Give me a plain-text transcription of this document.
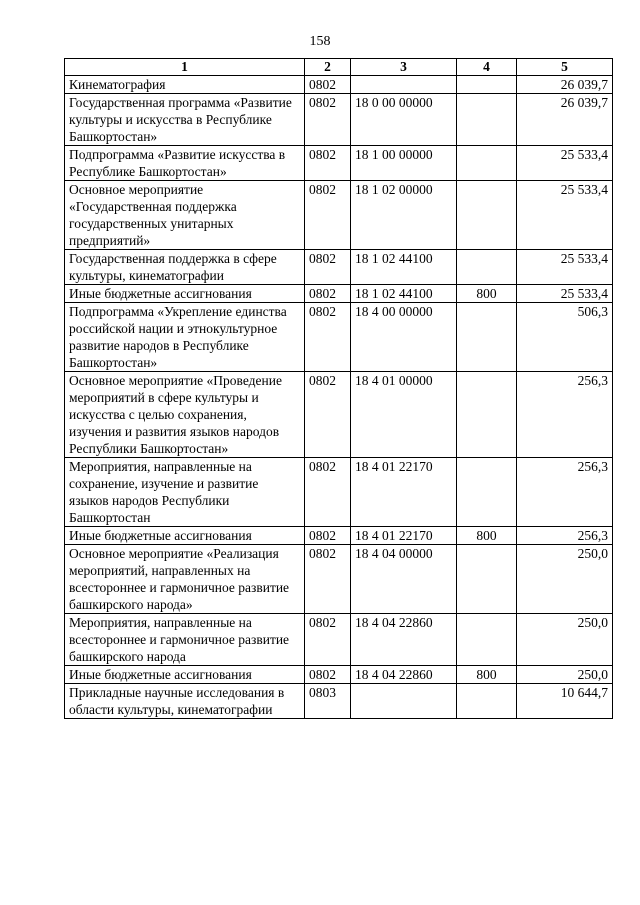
158
1	2	3	4	5
Кинематография	0802			26 039,7
Государственная программа «Развитие культуры и искусства в Республике Башкортостан»	0802	18 0 00 00000		26 039,7
Подпрограмма «Развитие искусства в Республике Башкортостан»	0802	18 1 00 00000		25 533,4
Основное мероприятие «Государственная поддержка государственных унитарных предприятий»	0802	18 1 02 00000		25 533,4
Государственная поддержка в сфере культуры, кинематографии	0802	18 1 02 44100		25 533,4
Иные бюджетные ассигнования	0802	18 1 02 44100	800	25 533,4
Подпрограмма «Укрепление единства российской нации и этнокультурное развитие народов в Республике Башкортостан»	0802	18 4 00 00000		506,3
Основное мероприятие «Проведение мероприятий в сфере культуры и искусства с целью сохранения, изучения и развития языков народов Республики Башкортостан»	0802	18 4 01 00000		256,3
Мероприятия, направленные на сохранение, изучение и развитие языков народов Республики Башкортостан	0802	18 4 01 22170		256,3
Иные бюджетные ассигнования	0802	18 4 01 22170	800	256,3
Основное мероприятие «Реализация мероприятий, направленных на всестороннее и гармоничное развитие башкирского народа»	0802	18 4 04 00000		250,0
Мероприятия, направленные на всестороннее и гармоничное развитие башкирского народа	0802	18 4 04 22860		250,0
Иные бюджетные ассигнования	0802	18 4 04 22860	800	250,0
Прикладные научные исследования в области культуры, кинематографии	0803			10 644,7
